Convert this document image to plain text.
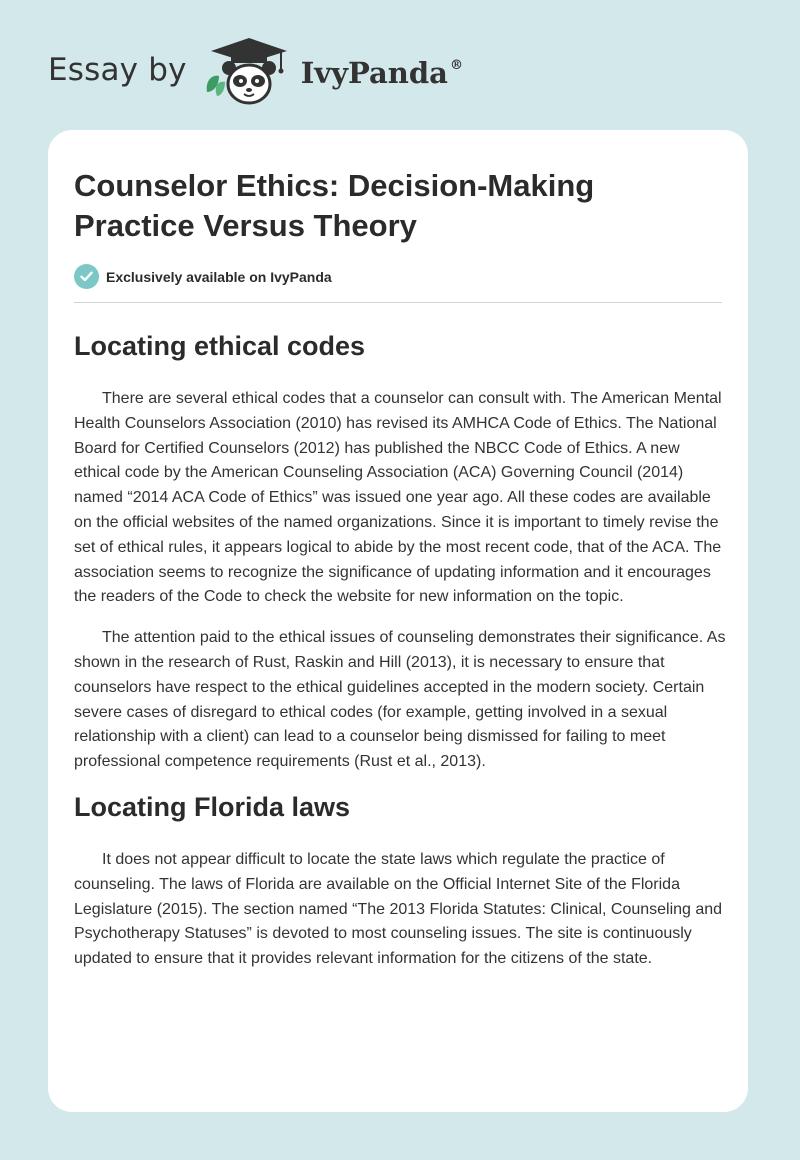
Essay by	IvyPanda ®
Counselor Ethics: Decision-Making Practice Versus Theory
Exclusively available on IvyPanda
Locating ethical codes

There are several ethical codes that a counselor can consult with. The American Mental Health Counselors Association (2010) has revised its AMHCA Code of Ethics. The National Board for Certified Counselors (2012) has published the NBCC Code of Ethics. A new ethical code by the American Counseling Association (ACA) Governing Council (2014) named “2014 ACA Code of Ethics” was issued one year ago. All these codes are available on the official websites of the named organizations. Since it is important to timely revise the set of ethical rules, it appears logical to abide by the most recent code, that of the ACA. The association seems to recognize the significance of updating information and it encourages the readers of the Code to check the website for new information on the topic.

The attention paid to the ethical issues of counseling demonstrates their significance. As shown in the research of Rust, Raskin and Hill (2013), it is necessary to ensure that counselors have respect to the ethical guidelines accepted in the modern society. Certain severe cases of disregard to ethical codes (for example, getting involved in a sexual relationship with a client) can lead to a counselor being dismissed for failing to meet professional competence requirements (Rust et al., 2013).

Locating Florida laws

It does not appear difficult to locate the state laws which regulate the practice of counseling. The laws of Florida are available on the Official Internet Site of the Florida Legislature (2015). The section named “The 2013 Florida Statutes: Clinical, Counseling and Psychotherapy Statuses” is devoted to most counseling issues. The site is continuously updated to ensure that it provides relevant information for the citizens of the state.
